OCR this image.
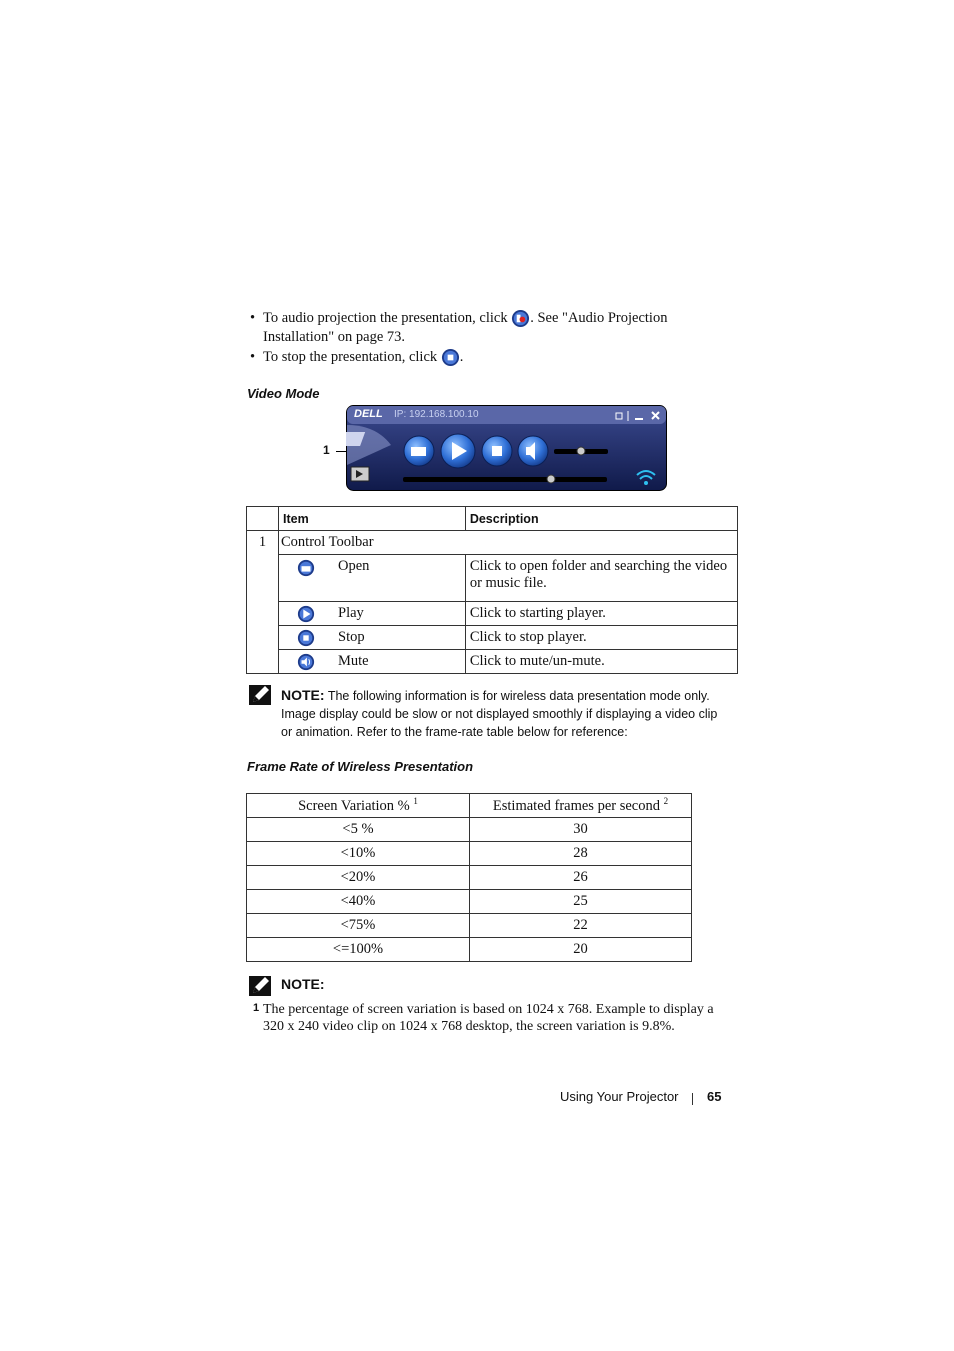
• To audio projection the presentation, click . See "Audio Projection
Installation" on page 73.
• To stop the presentation, click .
Video Mode
1
DELL IP: 192.168.100.10
	Item		Description
1	Control Toolbar		

	Open	Click to open folder and searching the video
or music file.

	Play	Click to starting player.

	Stop	Click to stop player.

	Mute	Click to mute/un-mute.
NOTE: The following information is for wireless data presentation mode only.
Image display could be slow or not displayed smoothly if displaying a video clip
or animation. Refer to the frame-rate table below for reference:
Frame Rate of Wireless Presentation
Screen Variation % $^1$	Estimated frames per second $^2$
<5 %	30
<10%	28
<20%	26
<40%	25
<75%	22
<=100%	20
NOTE:
1 The percentage of screen variation is based on 1024 x 768. Example to display a
320 x 240 video clip on 1024 x 768 desktop, the screen variation is 9.8%.
Using Your Projector 65
